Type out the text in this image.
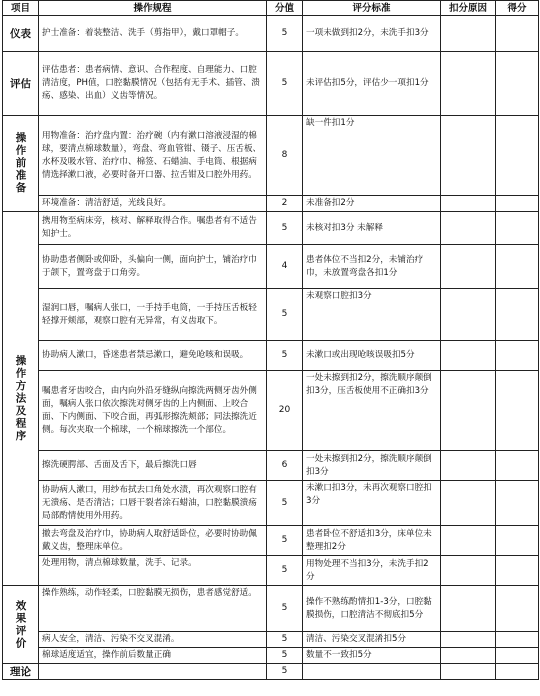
项目	操作规程	分值	评分标准	扣分原因	得分
仪表	护士准备：着装整洁、洗手（剪指甲），戴口罩帽子。	5	一项未做到扣2分，未洗手扣3分		
评估	评估患者：患者病情、意识、合作程度、自理能力、口腔清洁度，PH值，口腔黏膜情况（包括有无手术、插管、溃疡、感染、出血）义齿等情况。	5	未评估扣5分，评估少一项扣1分		
操作前准备	用物准备：治疗盘内置：治疗碗（内有漱口溶液浸湿的棉球，要清点棉球数量），弯盘、弯血管钳、镊子、压舌板、水杯及吸水管、治疗巾、棉签、石蜡油、手电筒、根据病情选择漱口液，必要时备开口器、拉舌钳及口腔外用药。	8	缺一件扣1分		
	环境准备：清洁舒适，光线良好。	2	未准备扣2分		
操作方法及程序	携用物至病床旁，核对、解释取得合作。嘱患者有不适告知护士。	5	未核对扣3分 未解释		
	协助患者侧卧或仰卧，头偏向一侧，面向护士，铺治疗巾于颌下，置弯盘于口角旁。	4	患者体位不当扣2分，未铺治疗巾，未放置弯盘各扣1分		
	湿润口唇，嘱病人张口，一手持手电筒，一手持压舌板轻轻撑开颊部，观察口腔有无异常，有义齿取下。	5	未观察口腔扣3分		
	协助病人漱口，昏迷患者禁忌漱口，避免呛咳和误吸。	5	未漱口或出现呛咳误吸扣5分		
	嘱患者牙齿咬合，由内向外沿牙缝纵向擦洗两侧牙齿外侧面，嘱病人张口依次擦洗对侧牙齿的上内侧面、上咬合面、下内侧面、下咬合面，再弧形擦洗颊部；同法擦洗近侧。每次夹取一个棉球，一个棉球擦洗一个部位。	20	一处未擦到扣2分，擦洗顺序颠倒扣3分，压舌板使用不正确扣3分		
	擦洗硬腭部、舌面及舌下，最后擦洗口唇	6	一处未擦到扣2分，擦洗顺序颠倒扣3分		
	协助病人漱口，用纱布拭去口角处水渍，再次观察口腔有无溃疡、是否清洁；口唇干裂者涂石蜡油，口腔黏膜溃疡局部酌情使用外用药。	5	未漱口扣3分，未再次观察口腔扣3分		
	撤去弯盘及治疗巾，协助病人取舒适卧位，必要时协助佩戴义齿，整理床单位。	5	患者卧位不舒适扣3分，床单位未整理扣2分		
	处理用物，清点棉球数量，洗手、记录。	5	用物处理不当扣3分，未洗手扣2分		
效果评价	操作熟练，动作轻柔，口腔黏膜无损伤，患者感觉舒适。	5	操作不熟练酌情扣1-3分，口腔黏膜损伤，口腔清洁不彻底扣5分		
	病人安全，清洁、污染不交叉混淆。	5	清洁、污染交叉混淆扣5分		
	棉球适度适宜，操作前后数量正确	5	数量不一致扣5分		
理论		5			
